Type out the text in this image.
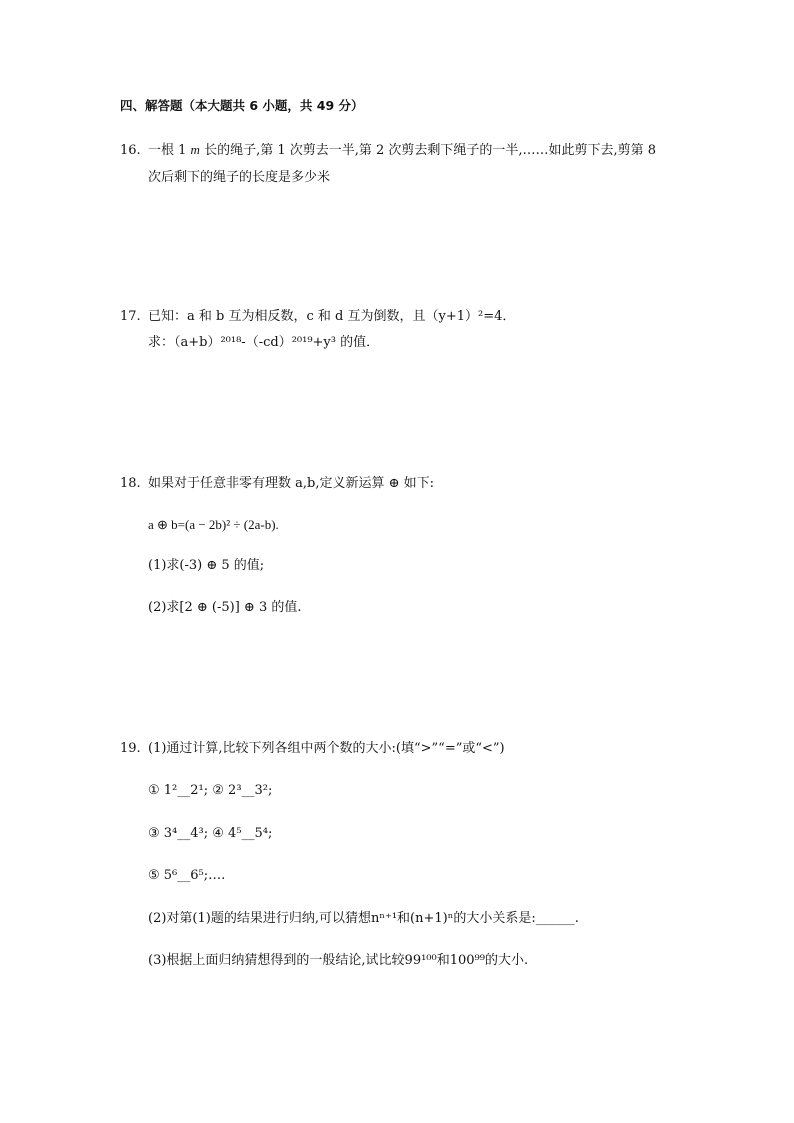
四、解答题（本大题共 6 小题，共 49 分）
16. 一根 1 m 长的绳子,第 1 次剪去一半,第 2 次剪去剩下绳子的一半,……如此剪下去,剪第 8
次后剩下的绳子的长度是多少米
17. 已知：a 和 b 互为相反数，c 和 d 互为倒数，且（y+1）²=4．
求：（a+b）²⁰¹⁸-（-cd）²⁰¹⁹+y³ 的值．
18. 如果对于任意非零有理数 a,b,定义新运算 ⊕ 如下:
a ⊕ b=(a − 2b)² ÷ (2a-b).
(1)求(-3) ⊕ 5 的值;
(2)求[2 ⊕ (-5)] ⊕ 3 的值.
19. (1)通过计算,比较下列各组中两个数的大小:(填“>”“=”或“<”)
① 1²__2¹; ② 2³__3²;
③ 3⁴__4³; ④ 4⁵__5⁴;
⑤ 5⁶__6⁵;….
(2)对第(1)题的结果进行归纳,可以猜想nⁿ⁺¹和(n+1)ⁿ的大小关系是:______.
(3)根据上面归纳猜想得到的一般结论,试比较99¹⁰⁰和100⁹⁹的大小.
